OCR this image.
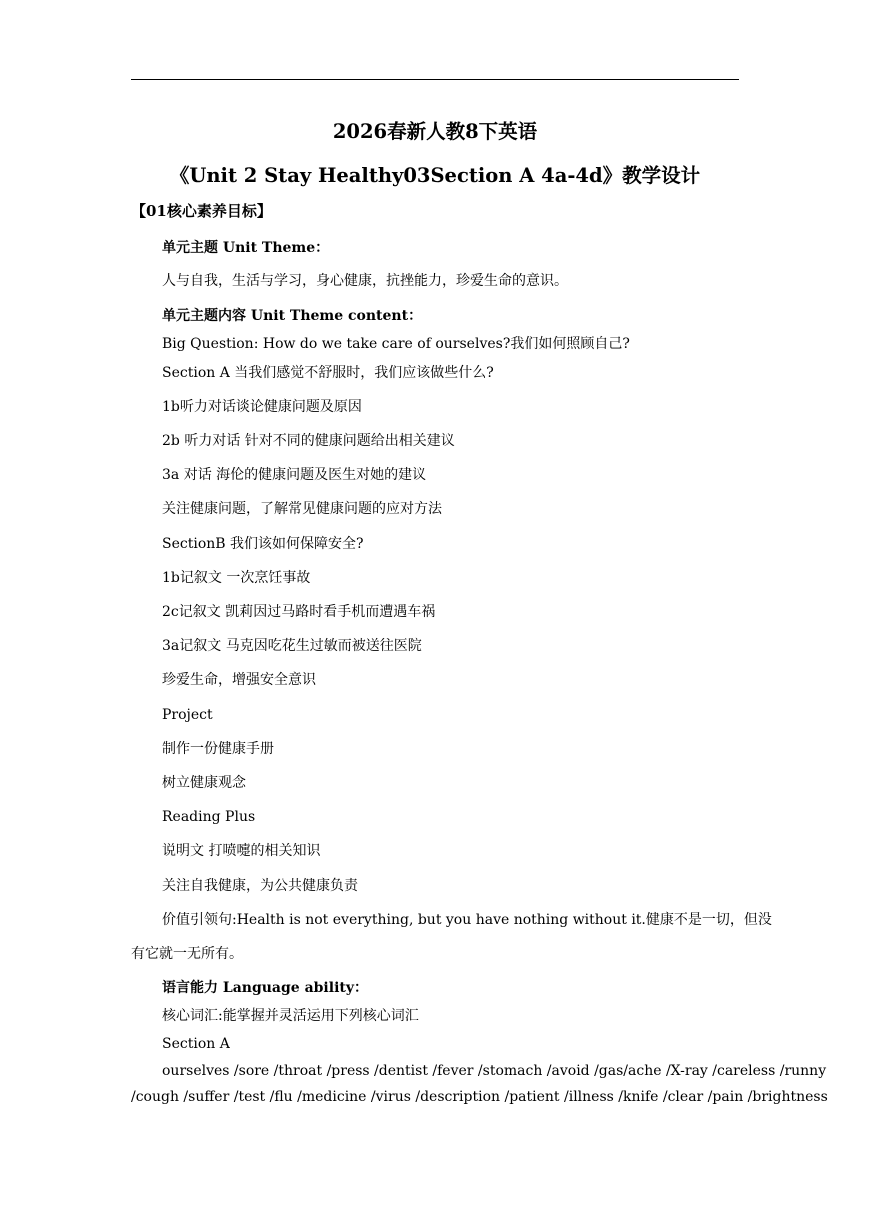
2026春新人教8下英语
《Unit 2 Stay Healthy03Section A 4a-4d》教学设计
【01核心素养目标】
单元主题 Unit Theme：
人与自我，生活与学习，身心健康，抗挫能力，珍爱生命的意识。
单元主题内容 Unit Theme content：
Big Question: How do we take care of ourselves?我们如何照顾自己?
Section A 当我们感觉不舒服时，我们应该做些什么?
1b听力对话谈论健康问题及原因
2b 听力对话 针对不同的健康问题给出相关建议
3a 对话 海伦的健康问题及医生对她的建议
关注健康问题，了解常见健康问题的应对方法
SectionB 我们该如何保障安全?
1b记叙文 一次烹饪事故
2c记叙文 凯莉因过马路时看手机而遭遇车祸
3a记叙文 马克因吃花生过敏而被送往医院
珍爱生命，增强安全意识
Project
制作一份健康手册
树立健康观念
Reading Plus
说明文 打喷嚏的相关知识
关注自我健康，为公共健康负责
价值引领句:Health is not everything, but you have nothing without it.健康不是一切，但没
有它就一无所有。
语言能力 Language ability：
核心词汇:能掌握并灵活运用下列核心词汇
Section A
ourselves /sore /throat /press /dentist /fever /stomach /avoid /gas/ache /X-ray /careless /runny
/cough /suffer /test /flu /medicine /virus /description /patient /illness /knife /clear /pain /brightness
